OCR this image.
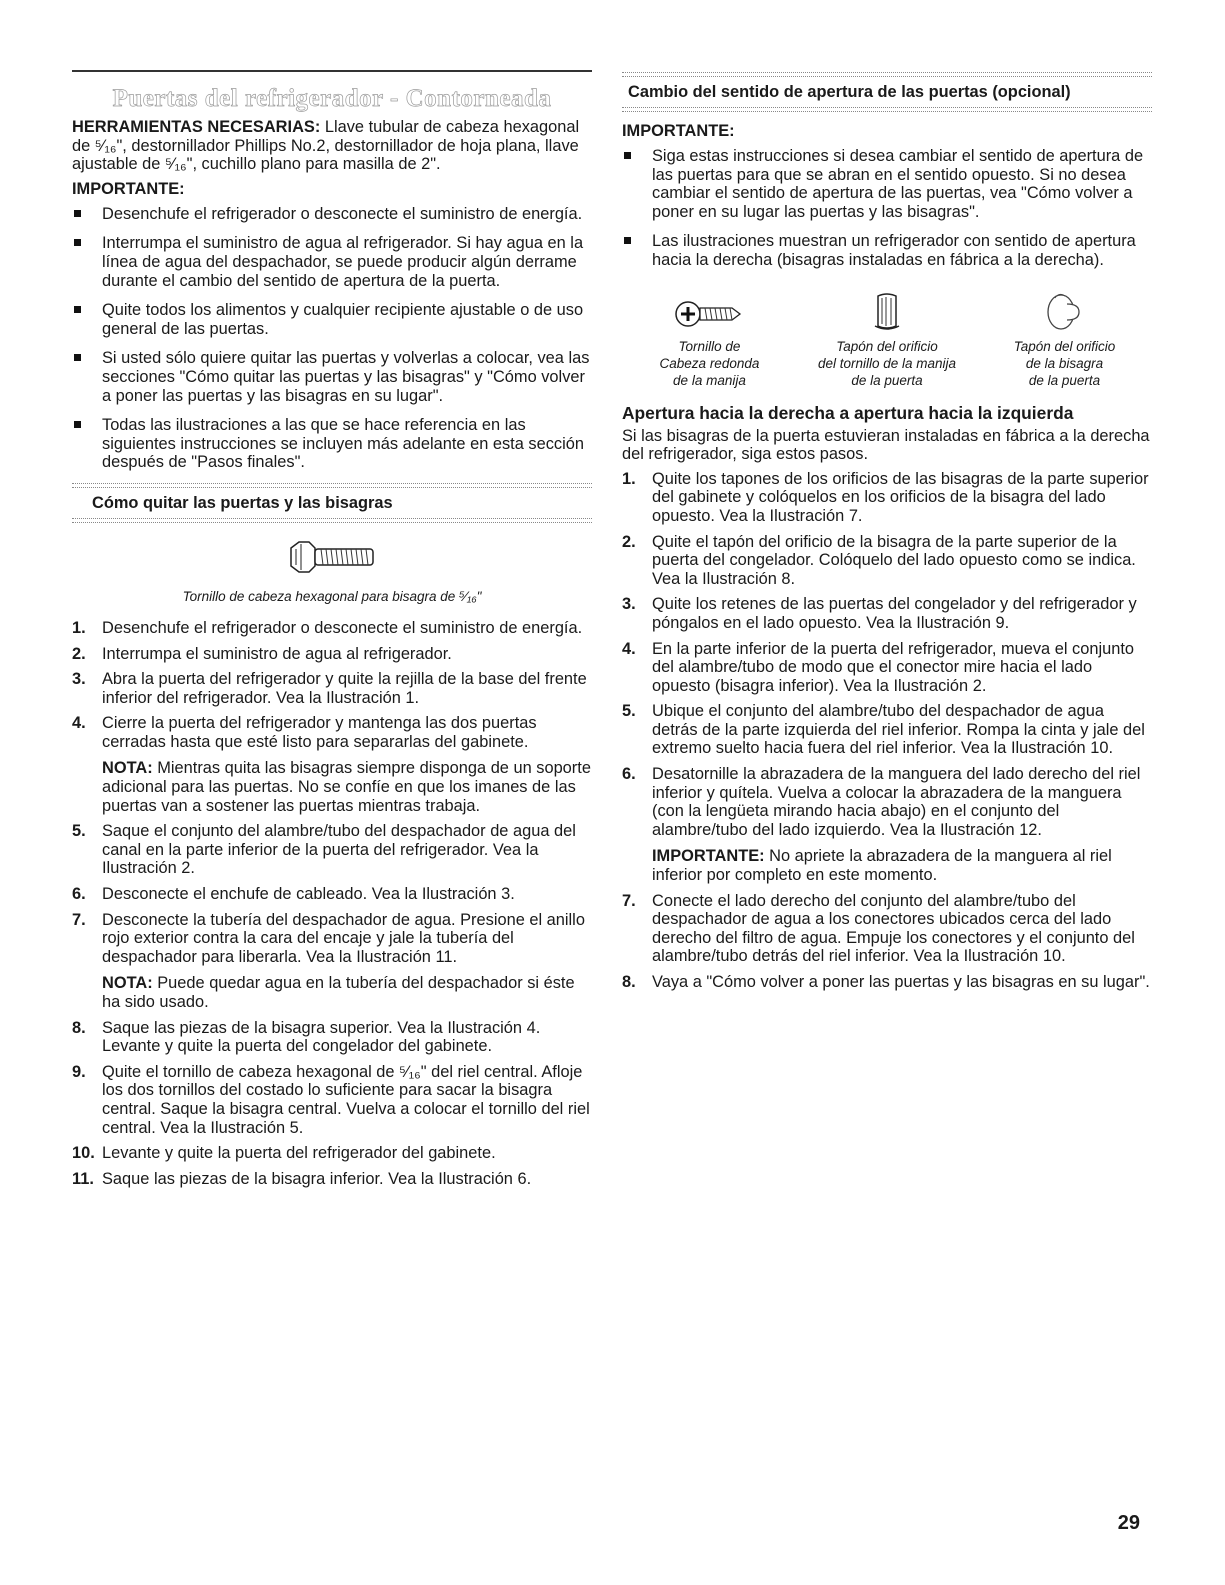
Puertas del refrigerador - Contorneada

HERRAMIENTAS NECESARIAS: Llave tubular de cabeza hexagonal de ⁵⁄₁₆", destornillador Phillips No.2, destornillador de hoja plana, llave ajustable de ⁵⁄₁₆", cuchillo plano para masilla de 2".

IMPORTANTE:
Desenchufe el refrigerador o desconecte el suministro de energía.
Interrumpa el suministro de agua al refrigerador. Si hay agua en la línea de agua del despachador, se puede producir algún derrame durante el cambio del sentido de apertura de la puerta.
Quite todos los alimentos y cualquier recipiente ajustable o de uso general de las puertas.
Si usted sólo quiere quitar las puertas y volverlas a colocar, vea las secciones "Cómo quitar las puertas y las bisagras" y "Cómo volver a poner las puertas y las bisagras en su lugar".
Todas las ilustraciones a las que se hace referencia en las siguientes instrucciones se incluyen más adelante en esta sección después de "Pasos finales".
Cómo quitar las puertas y las bisagras
Tornillo de cabeza hexagonal para bisagra de ⁵⁄₁₆"
1. Desenchufe el refrigerador o desconecte el suministro de energía.
2. Interrumpa el suministro de agua al refrigerador.
3. Abra la puerta del refrigerador y quite la rejilla de la base del frente inferior del refrigerador. Vea la Ilustración 1.
4. Cierre la puerta del refrigerador y mantenga las dos puertas cerradas hasta que esté listo para separarlas del gabinete.

NOTA: Mientras quita las bisagras siempre disponga de un soporte adicional para las puertas. No se confíe en que los imanes de las puertas van a sostener las puertas mientras trabaja.

5. Saque el conjunto del alambre/tubo del despachador de agua del canal en la parte inferior de la puerta del refrigerador. Vea la Ilustración 2.
6. Desconecte el enchufe de cableado. Vea la Ilustración 3.
7. Desconecte la tubería del despachador de agua. Presione el anillo rojo exterior contra la cara del encaje y jale la tubería del despachador para liberarla. Vea la Ilustración 11.

NOTA: Puede quedar agua en la tubería del despachador si éste ha sido usado.

8. Saque las piezas de la bisagra superior. Vea la Ilustración 4. Levante y quite la puerta del congelador del gabinete.
9. Quite el tornillo de cabeza hexagonal de ⁵⁄₁₆" del riel central. Afloje los dos tornillos del costado lo suficiente para sacar la bisagra central. Saque la bisagra central. Vuelva a colocar el tornillo del riel central. Vea la Ilustración 5.
10. Levante y quite la puerta del refrigerador del gabinete.
11. Saque las piezas de la bisagra inferior. Vea la Ilustración 6.
Cambio del sentido de apertura de las puertas (opcional)
IMPORTANTE:
Siga estas instrucciones si desea cambiar el sentido de apertura de las puertas para que se abran en el sentido opuesto. Si no desea cambiar el sentido de apertura de las puertas, vea "Cómo volver a poner en su lugar las puertas y las bisagras".
Las ilustraciones muestran un refrigerador con sentido de apertura hacia la derecha (bisagras instaladas en fábrica a la derecha).
Tornillo de
Cabeza redonda
de la manija
Tapón del orificio
del tornillo de la manija
de la puerta
Tapón del orificio
de la bisagra
de la puerta
Apertura hacia la derecha a apertura hacia la izquierda

Si las bisagras de la puerta estuvieran instaladas en fábrica a la derecha del refrigerador, siga estos pasos.

1. Quite los tapones de los orificios de las bisagras de la parte superior del gabinete y colóquelos en los orificios de la bisagra del lado opuesto. Vea la Ilustración 7.
2. Quite el tapón del orificio de la bisagra de la parte superior de la puerta del congelador. Colóquelo del lado opuesto como se indica. Vea la Ilustración 8.
3. Quite los retenes de las puertas del congelador y del refrigerador y póngalos en el lado opuesto. Vea la Ilustración 9.
4. En la parte inferior de la puerta del refrigerador, mueva el conjunto del alambre/tubo de modo que el conector mire hacia el lado opuesto (bisagra inferior). Vea la Ilustración 2.
5. Ubique el conjunto del alambre/tubo del despachador de agua detrás de la parte izquierda del riel inferior. Rompa la cinta y jale del extremo suelto hacia fuera del riel inferior. Vea la Ilustración 10.
6. Desatornille la abrazadera de la manguera del lado derecho del riel inferior y quítela. Vuelva a colocar la abrazadera de la manguera (con la lengüeta mirando hacia abajo) en el conjunto del alambre/tubo del lado izquierdo. Vea la Ilustración 12.

IMPORTANTE: No apriete la abrazadera de la manguera al riel inferior por completo en este momento.

7. Conecte el lado derecho del conjunto del alambre/tubo del despachador de agua a los conectores ubicados cerca del lado derecho del filtro de agua. Empuje los conectores y el conjunto del alambre/tubo detrás del riel inferior. Vea la Ilustración 10.
8. Vaya a "Cómo volver a poner las puertas y las bisagras en su lugar".
29
